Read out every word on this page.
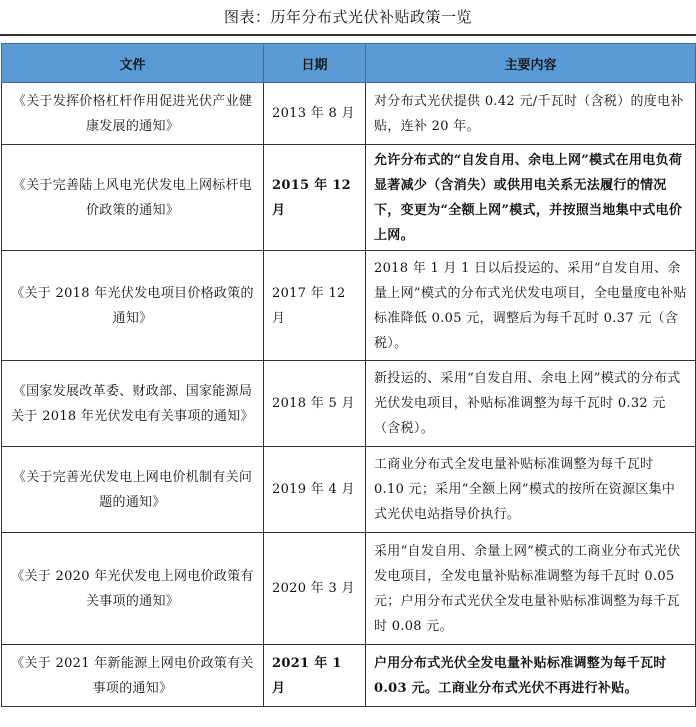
图表：历年分布式光伏补贴政策一览
文件	日期	主要内容
《关于发挥价格杠杆作用促进光伏产业健康发展的通知》	2013 年 8 月	对分布式光伏提供 0.42 元/千瓦时（含税）的度电补贴，连补 20 年。
《关于完善陆上风电光伏发电上网标杆电价政策的通知》	2015 年 12 月	允许分布式的“自发自用、余电上网”模式在用电负荷显著减少（含消失）或供用电关系无法履行的情况下，变更为“全额上网”模式，并按照当地集中式电价上网。
《关于 2018 年光伏发电项目价格政策的通知》	2017 年 12 月	2018 年 1 月 1 日以后投运的、采用“自发自用、余量上网”模式的分布式光伏发电项目，全电量度电补贴标准降低 0.05 元，调整后为每千瓦时 0.37 元（含税）。
《国家发展改革委、财政部、国家能源局关于 2018 年光伏发电有关事项的通知》	2018 年 5 月	新投运的、采用“自发自用、余电上网”模式的分布式光伏发电项目，补贴标准调整为每千瓦时 0.32 元（含税）。
《关于完善光伏发电上网电价机制有关问题的通知》	2019 年 4 月	工商业分布式全发电量补贴标准调整为每千瓦时 0.10 元；采用“全额上网”模式的按所在资源区集中式光伏电站指导价执行。
《关于 2020 年光伏发电上网电价政策有关事项的通知》	2020 年 3 月	采用“自发自用、余量上网”模式的工商业分布式光伏发电项目，全发电量补贴标准调整为每千瓦时 0.05 元；户用分布式光伏全发电量补贴标准调整为每千瓦时 0.08 元。
《关于 2021 年新能源上网电价政策有关事项的通知》	2021 年 1 月	户用分布式光伏全发电量补贴标准调整为每千瓦时 0.03 元。工商业分布式光伏不再进行补贴。
